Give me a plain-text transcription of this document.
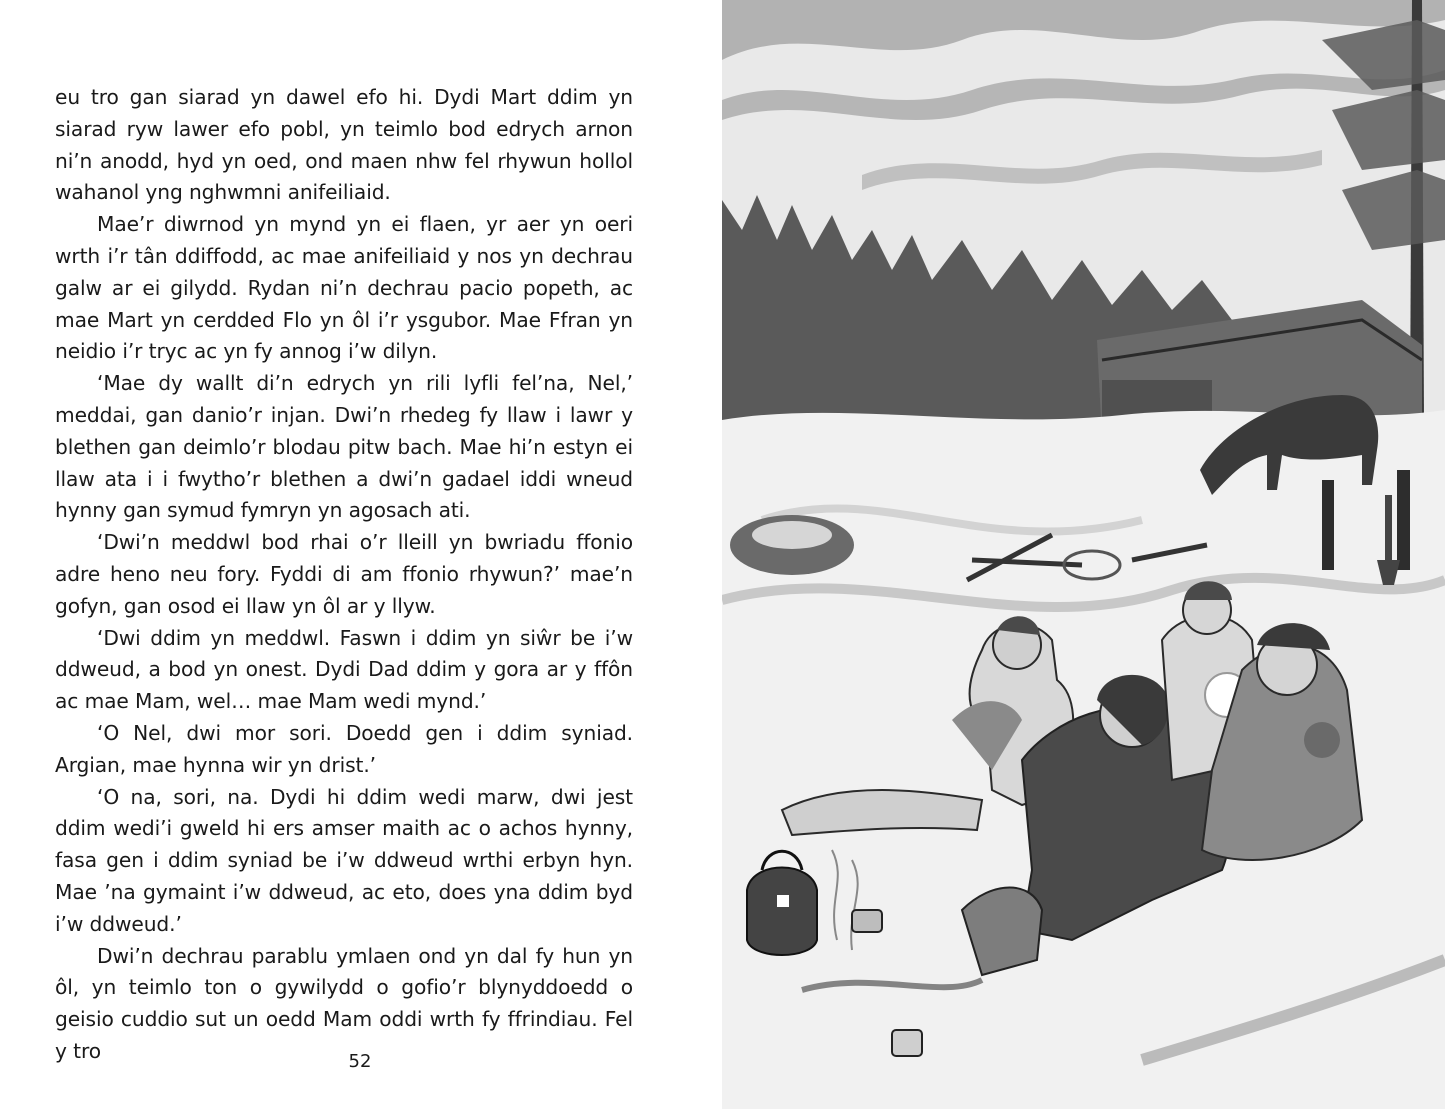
eu tro gan siarad yn dawel efo hi. Dydi Mart ddim yn siarad ryw lawer efo pobl, yn teimlo bod edrych arnon ni’n anodd, hyd yn oed, ond maen nhw fel rhywun hollol wahanol yng nghwmni anifeiliaid.

Mae’r diwrnod yn mynd yn ei flaen, yr aer yn oeri wrth i’r tân ddiffodd, ac mae anifeiliaid y nos yn dechrau galw ar ei gilydd. Rydan ni’n dechrau pacio popeth, ac mae Mart yn cerdded Flo yn ôl i’r ysgubor. Mae Ffran yn neidio i’r tryc ac yn fy annog i’w dilyn.

‘Mae dy wallt di’n edrych yn rili lyfli fel’na, Nel,’ meddai, gan danio’r injan. Dwi’n rhedeg fy llaw i lawr y blethen gan deimlo’r blodau pitw bach. Mae hi’n estyn ei llaw ata i i fwytho’r blethen a dwi’n gadael iddi wneud hynny gan symud fymryn yn agosach ati.

‘Dwi’n meddwl bod rhai o’r lleill yn bwriadu ffonio adre heno neu fory. Fyddi di am ffonio rhywun?’ mae’n gofyn, gan osod ei llaw yn ôl ar y llyw.

‘Dwi ddim yn meddwl. Faswn i ddim yn siŵr be i’w ddweud, a bod yn onest. Dydi Dad ddim y gora ar y ffôn ac mae Mam, wel… mae Mam wedi mynd.’

‘O Nel, dwi mor sori. Doedd gen i ddim syniad. Argian, mae hynna wir yn drist.’

‘O na, sori, na. Dydi hi ddim wedi marw, dwi jest ddim wedi’i gweld hi ers amser maith ac o achos hynny, fasa gen i ddim syniad be i’w ddweud wrthi erbyn hyn. Mae ’na gymaint i’w ddweud, ac eto, does yna ddim byd i’w ddweud.’

Dwi’n dechrau parablu ymlaen ond yn dal fy hun yn ôl, yn teimlo ton o gywilydd o gofio’r blynyddoedd o geisio cuddio sut un oedd Mam oddi wrth fy ffrindiau. Fel y tro	52
